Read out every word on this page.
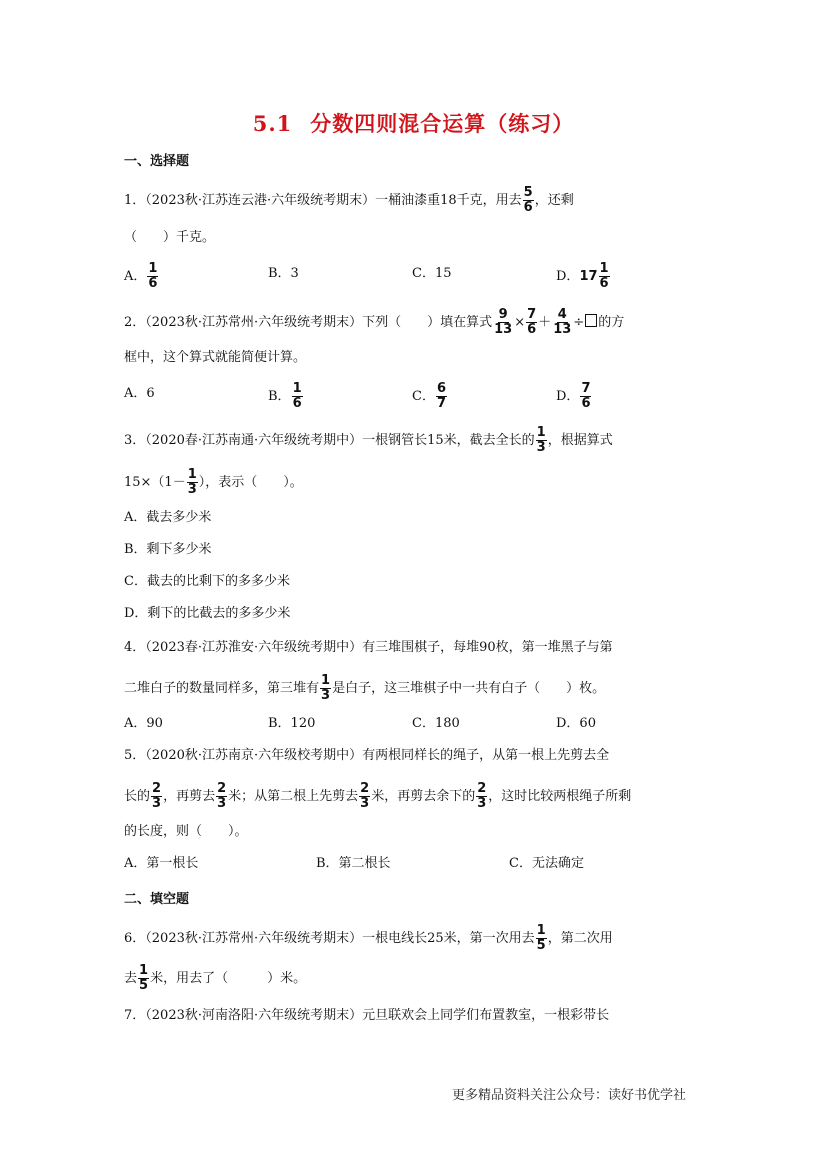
5.1 分数四则混合运算（练习）
一、选择题
1．（2023秋·江苏连云港·六年级统考期末）一桶油漆重18千克，用去 $\frac{5}{6}$ ，还剩
（　　）千克。
A． $\frac{1}{6}$	B．3	C．15	D．$17 \frac{1}{6}$
2．（2023秋·江苏常州·六年级统考期末）下列（　　）填在算式 $\frac{9}{13} \times \frac{7}{6} + \frac{4}{13}$ ÷ 的方
框中，这个算式就能简便计算。
A．6	B． $\frac{1}{6}$	C． $\frac{6}{7}$	D． $\frac{7}{6}$
3．（2020春·江苏南通·六年级统考期中）一根钢管长15米，截去全长的 $\frac{1}{3}$ ，根据算式
$15\times(1- \frac{1}{3}$ ），表示（　　）。
A．截去多少米
B．剩下多少米
C．截去的比剩下的多多少米
D．剩下的比截去的多多少米
4．（2023春·江苏淮安·六年级统考期中）有三堆围棋子，每堆90枚，第一堆黑子与第
二堆白子的数量同样多，第三堆有 $\frac{1}{3}$ 是白子，这三堆棋子中一共有白子（　　）枚。
A．90	B．120	C．180	D．60
5．（2020秋·江苏南京·六年级校考期中）有两根同样长的绳子，从第一根上先剪去全
长的 $\frac{2}{3}$ ，再剪去 $\frac{2}{3}$ 米；从第二根上先剪去 $\frac{2}{3}$ 米，再剪去余下的 $\frac{2}{3}$ ，这时比较两根绳子所剩
的长度，则（　　）。
A．第一根长	B．第二根长	C．无法确定
二、填空题
6．（2023秋·江苏常州·六年级统考期末）一根电线长25米，第一次用去 $\frac{1}{5}$ ，第二次用
去 $\frac{1}{5}$ 米，用去了（　　　）米。
7．（2023秋·河南洛阳·六年级统考期末）元旦联欢会上同学们布置教室，一根彩带长
更多精品资料关注公众号：读好书优学社
